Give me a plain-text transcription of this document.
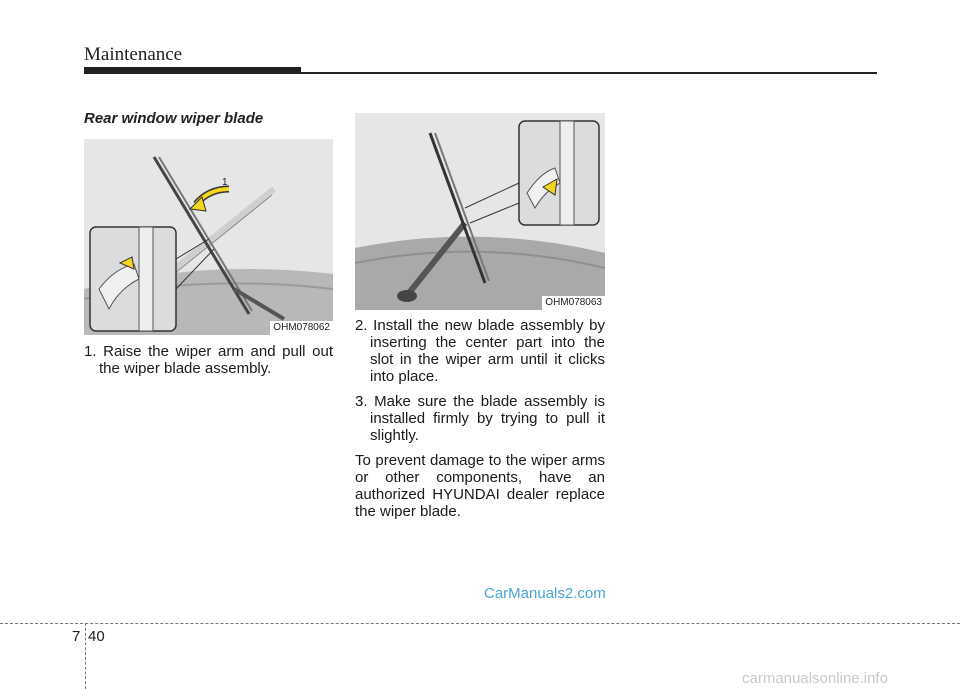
Maintenance
Rear window wiper blade
1
OHM078062
OHM078063

1. Raise the wiper arm and pull out the wiper blade assembly.

2. Install the new blade assembly by inserting the center part into the slot in the wiper arm until it clicks into place.

3. Make sure the blade assembly is installed firmly by trying to pull it slightly.

To prevent damage to the wiper arms or other components, have an authorized HYUNDAI dealer replace the wiper blade.

CarManuals2.com
7 40
carmanualsonline.info
